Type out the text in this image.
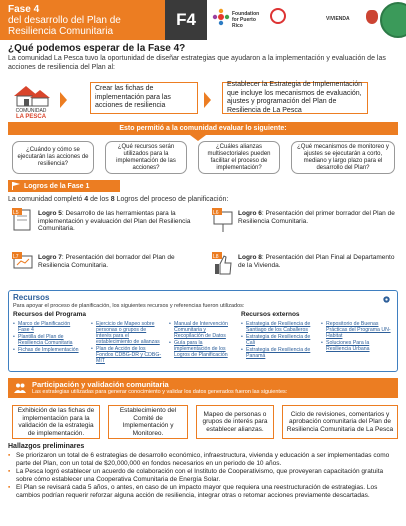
Fase 4
del desarrollo del Plan de Resiliencia Comunitaria
F4	Foundation for Puerto Rico
VIVIENDA
¿Qué podemos esperar de la Fase 4?
La comunidad La Pesca tuvo la oportunidad de diseñar estrategias que ayudaron a la implementación y evaluación de las acciones de resiliencia del Plan al:
COMUNIDAD
LA PESCA
Crear las fichas de implementación para las acciones de resiliencia
Establecer la Estrategia de Implementación que incluye los mecanismos de evaluación, ajustes y programación del Plan de Resiliencia de La Pesca
Esto permitió a la comunidad evaluar lo siguiente:
¿Cuándo y cómo se ejecutarán las acciones de resiliencia?
¿Qué recursos serán utilizados para la implementación de las acciones?
¿Cuáles alianzas multisectoriales pueden facilitar el proceso de implementación?
¿Qué mecanismos de monitoreo y ajustes se ejecutarán a corto, mediano y largo plazo para el desarrollo del Plan?
Logros de la Fase 1
La comunidad completó 4 de los 8 Logros del proceso de planificación:
L5	Logro 5: Desarrollo de las herramientas para la implementación y evaluación del Plan del Resiliencia Comunitaria.
L6	Logro 6: Presentación del primer borrador del Plan de Resiliencia Comunitaria.
L7	Logro 7: Presentación del borrador del Plan de Resiliencia Comunitaria.
L8	Logro 8: Presentación del Plan Final al Departamento de la Vivienda.
Recursos
Para apoyar el proceso de planificación, los siguientes recursos y referencias fueron utilizados:
Recursos del Programa	Recursos externos
• Marco de Planificación Fase 4
• Plantilla del Plan de Resiliencia Comunitaria
• Fichas de Implementación
• Ejercicio de Mapeo sobre personas o grupos de interés para el establecimiento de alianzas
• Plan de Acción de los Fondos CDBG-DR y CDBG-MIT
• Manual de Intervención Comunitaria y Recopilación de Datos
• Guía para la implementación de los Logros de Planificación
• Estrategia de Resiliencia de Santiago de los Caballeros
• Estrategia de Resiliencia de Cali
• Estrategia de Resiliencia de Panamá
• Repositorio de Buenas Prácticas del Programa UN-Habitat
• Soluciones Para la Resiliencia Urbana
Participación y validación comunitaria
Las estrategias utilizadas para generar conocimiento y validar los datos generados fueron las siguientes:
Exhibición de las fichas de implementación para la validación de la estrategia de implementación.
Establecimiento del Comité de Implementación y Monitoreo.
Mapeo de personas o grupos de interés para establecer alianzas.
Ciclo de revisiones, comentarios y aprobación comunitaria del Plan de Resiliencia Comunitaria de La Pesca
Hallazgos preliminares
▪ Se priorizaron un total de 6 estrategias de desarrollo económico, infraestructura, vivienda y educación a ser implementadas como parte del Plan, con un total de $20,000,000 en fondos necesarios en un periodo de 10 años.
▪ La Pesca logró establecer un acuerdo de colaboración con el Instituto de Cooperativismo, que proveyeran capacitación gratuita sobre cómo establecer una Cooperativa Comunitaria de Energía Solar.
▪ El Plan se revisará cada 5 años, o antes, en caso de un impacto mayor que requiera una reestructuración de estrategias. Los cambios podrían requerir reforzar alguna acción de resiliencia, integrar otras o retomar acciones previamente descartadas.
